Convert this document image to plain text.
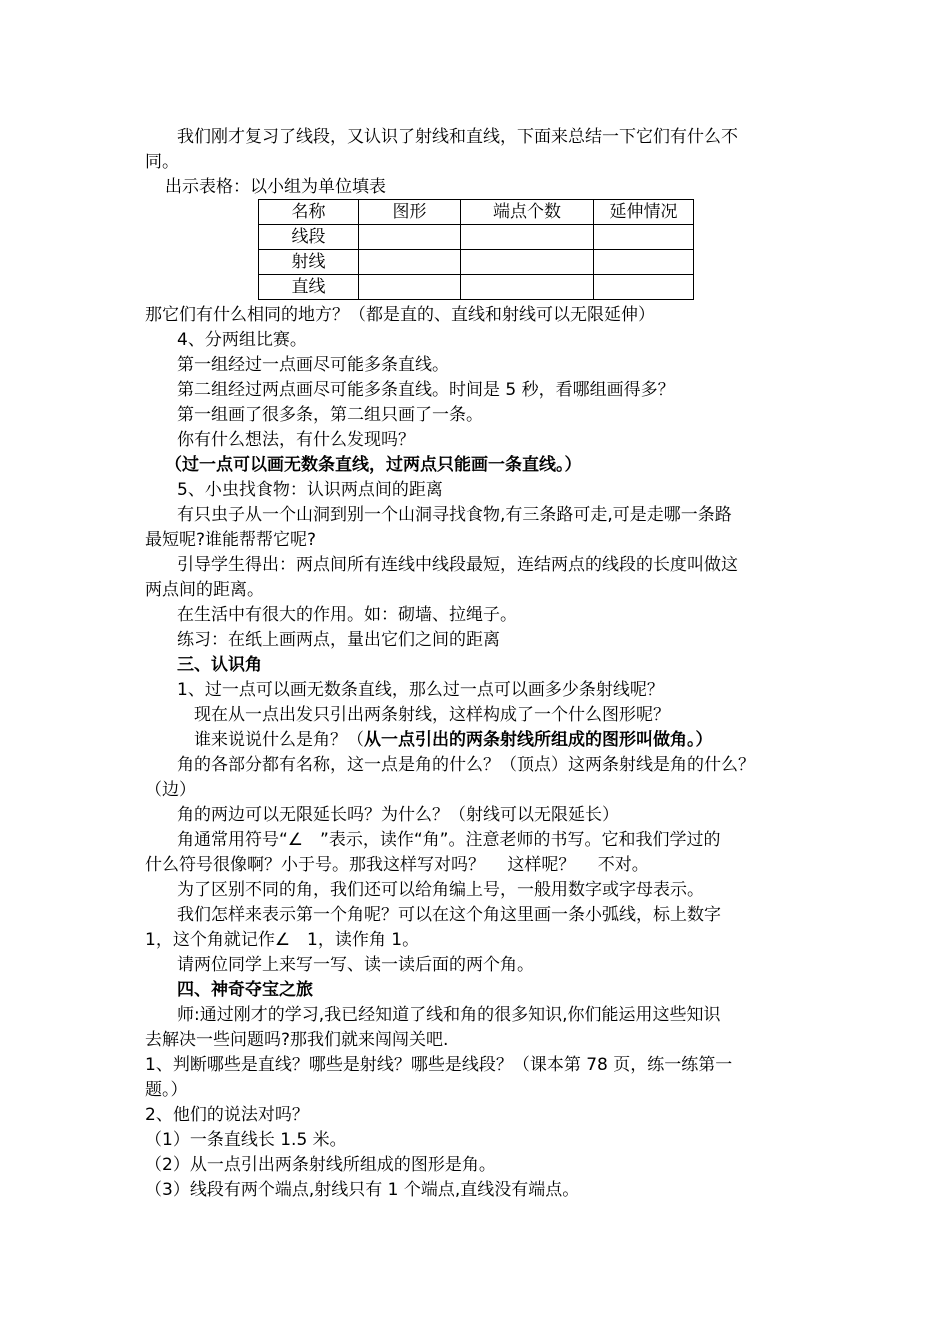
我们刚才复习了线段，又认识了射线和直线，下面来总结一下它们有什么不
同。
出示表格：以小组为单位填表
名称	图形	端点个数	延伸情况
线段			
射线			
直线			
那它们有什么相同的地方？（都是直的、直线和射线可以无限延伸）
4、分两组比赛。
第一组经过一点画尽可能多条直线。
第二组经过两点画尽可能多条直线。时间是 5 秒，看哪组画得多？
第一组画了很多条，第二组只画了一条。
你有什么想法，有什么发现吗？
（过一点可以画无数条直线，过两点只能画一条直线。）
5、小虫找食物：认识两点间的距离
有只虫子从一个山洞到别一个山洞寻找食物,有三条路可走,可是走哪一条路
最短呢?谁能帮帮它呢?
引导学生得出：两点间所有连线中线段最短，连结两点的线段的长度叫做这
两点间的距离。
在生活中有很大的作用。如：砌墙、拉绳子。
练习：在纸上画两点，量出它们之间的距离
三、认识角
1、过一点可以画无数条直线，那么过一点可以画多少条射线呢？
现在从一点出发只引出两条射线，这样构成了一个什么图形呢？
谁来说说什么是角？（从一点引出的两条射线所组成的图形叫做角。）
角的各部分都有名称，这一点是角的什么？（顶点）这两条射线是角的什么？
（边）
角的两边可以无限延长吗？为什么？（射线可以无限延长）
角通常用符号“∠　”表示，读作“角”。注意老师的书写。它和我们学过的
什么符号很像啊？小于号。那我这样写对吗？　 这样呢？　 不对。
为了区别不同的角，我们还可以给角编上号，一般用数字或字母表示。
我们怎样来表示第一个角呢？可以在这个角这里画一条小弧线，标上数字
1，这个角就记作∠　1，读作角 1。
请两位同学上来写一写、读一读后面的两个角。
四、神奇夺宝之旅
师:通过刚才的学习,我已经知道了线和角的很多知识,你们能运用这些知识
去解决一些问题吗?那我们就来闯闯关吧.
1、判断哪些是直线？哪些是射线？哪些是线段？（课本第 78 页，练一练第一
题。）
2、他们的说法对吗？
（1）一条直线长 1.5 米。
（2）从一点引出两条射线所组成的图形是角。
（3）线段有两个端点,射线只有 1 个端点,直线没有端点。
